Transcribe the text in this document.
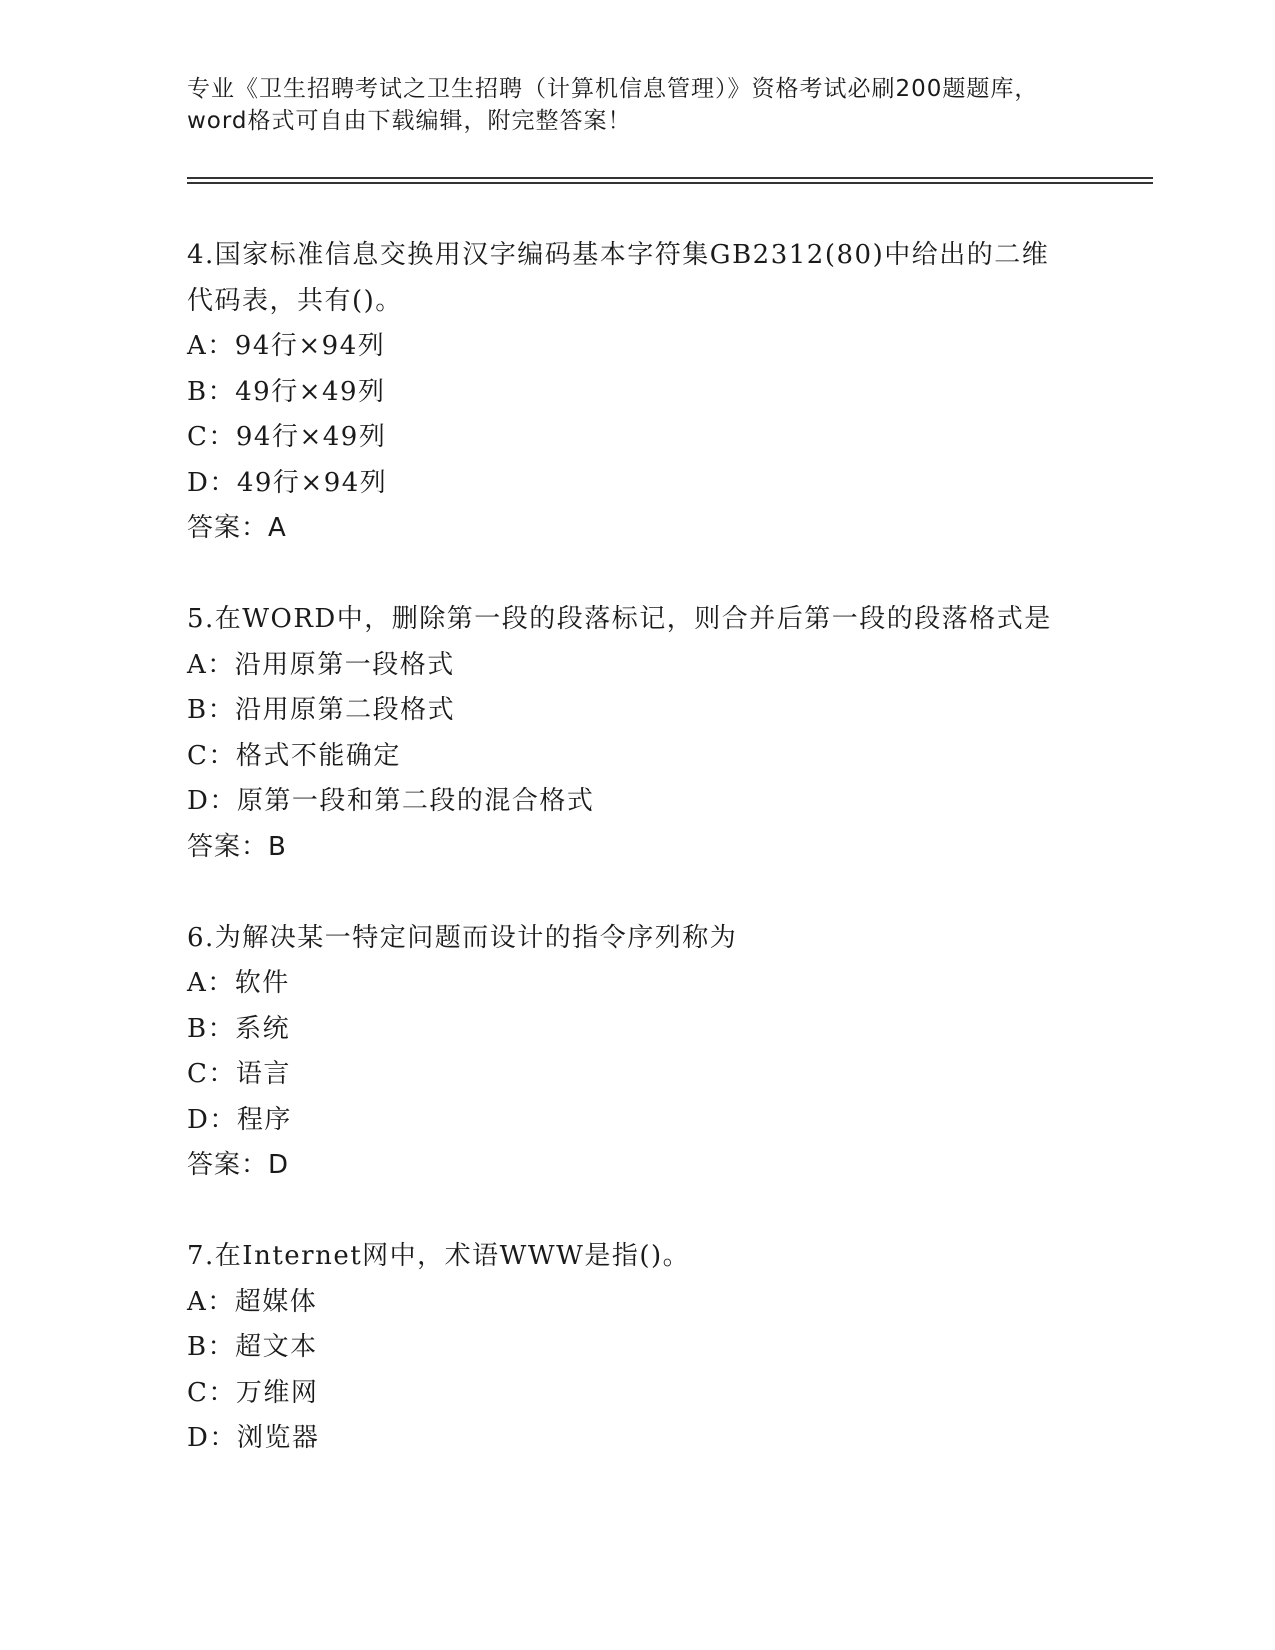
专业《卫生招聘考试之卫生招聘（计算机信息管理）》资格考试必刷200题题库，
word格式可自由下载编辑，附完整答案！
4.国家标准信息交换用汉字编码基本字符集GB2312(80)中给出的二维
代码表，共有()。
A：94行×94列
B：49行×49列
C：94行×49列
D：49行×94列
答案：A
5.在WORD中，删除第一段的段落标记，则合并后第一段的段落格式是
A：沿用原第一段格式
B：沿用原第二段格式
C：格式不能确定
D：原第一段和第二段的混合格式
答案：B
6.为解决某一特定问题而设计的指令序列称为
A：软件
B：系统
C：语言
D：程序
答案：D
7.在Internet网中，术语WWW是指()。
A：超媒体
B：超文本
C：万维网
D：浏览器
